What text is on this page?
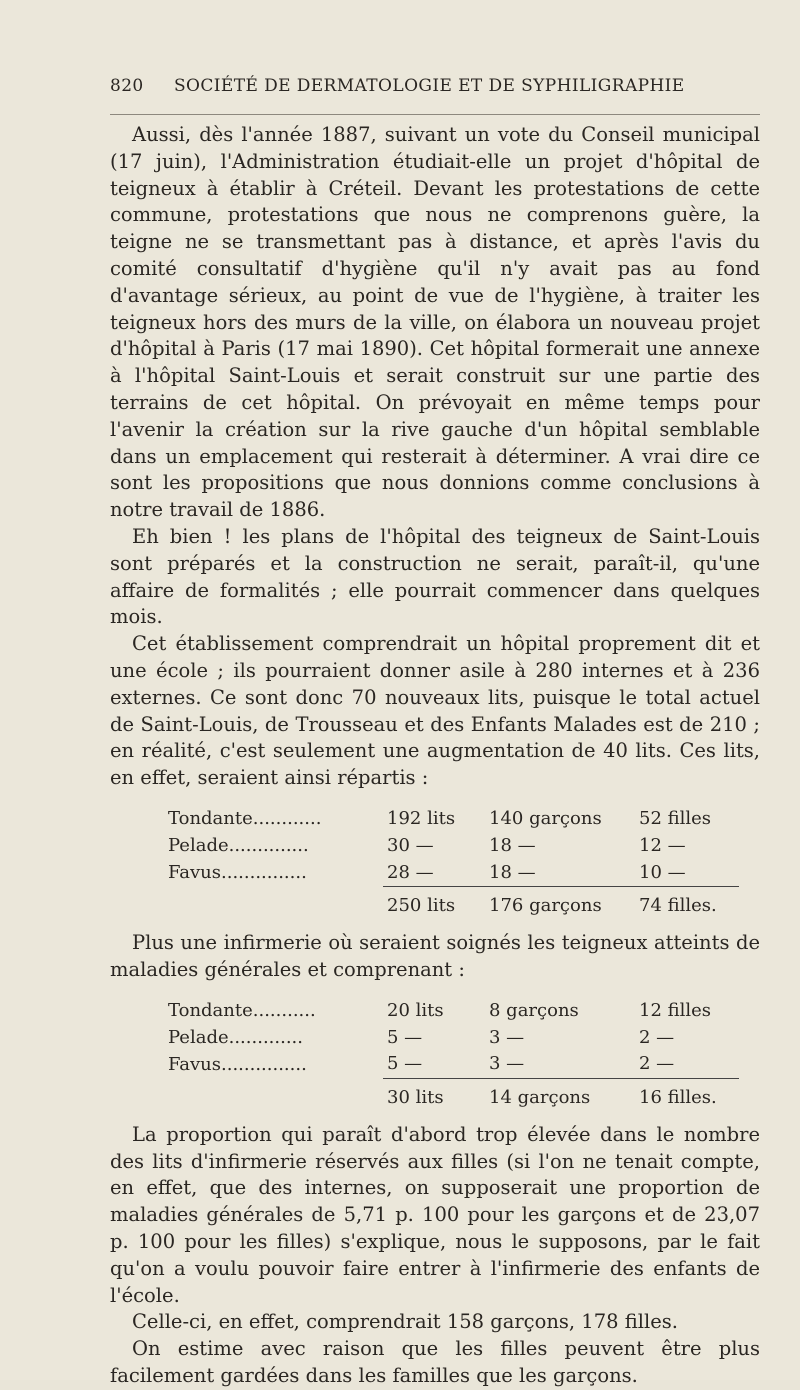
820 SOCIÉTÉ DE DERMATOLOGIE ET DE SYPHILIGRAPHIE

Aussi, dès l'année 1887, suivant un vote du Conseil municipal (17 juin), l'Administration étudiait-elle un projet d'hôpital de teigneux à établir à Créteil. Devant les protestations de cette commune, protestations que nous ne comprenons guère, la teigne ne se transmettant pas à distance, et après l'avis du comité consultatif d'hygiène qu'il n'y avait pas au fond d'avantage sérieux, au point de vue de l'hygiène, à traiter les teigneux hors des murs de la ville, on élabora un nouveau projet d'hôpital à Paris (17 mai 1890). Cet hôpital formerait une annexe à l'hôpital Saint-Louis et serait construit sur une partie des terrains de cet hôpital. On prévoyait en même temps pour l'avenir la création sur la rive gauche d'un hôpital semblable dans un emplacement qui resterait à déterminer. A vrai dire ce sont les propositions que nous donnions comme conclusions à notre travail de 1886.

Eh bien ! les plans de l'hôpital des teigneux de Saint-Louis sont préparés et la construction ne serait, paraît-il, qu'une affaire de formalités ; elle pourrait commencer dans quelques mois.

Cet établissement comprendrait un hôpital proprement dit et une école ; ils pourraient donner asile à 280 internes et à 236 externes. Ce sont donc 70 nouveaux lits, puisque le total actuel de Saint-Louis, de Trousseau et des Enfants Malades est de 210 ; en réalité, c'est seulement une augmentation de 40 lits. Ces lits, en effet, seraient ainsi répartis :

Tondante............	192 lits	140 garçons	52 filles
Pelade..............	30 —	18 —	12 —
Favus...............	28 —	18 —	10 —
	250 lits	176 garçons	74 filles.

Plus une infirmerie où seraient soignés les teigneux atteints de maladies générales et comprenant :

Tondante...........	20 lits	8 garçons	12 filles
Pelade.............	5 —	3 —	2 —
Favus...............	5 —	3 —	2 —
	30 lits	14 garçons	16 filles.

La proportion qui paraît d'abord trop élevée dans le nombre des lits d'infirmerie réservés aux filles (si l'on ne tenait compte, en effet, que des internes, on supposerait une proportion de maladies générales de 5,71 p. 100 pour les garçons et de 23,07 p. 100 pour les filles) s'explique, nous le supposons, par le fait qu'on a voulu pouvoir faire entrer à l'infirmerie des enfants de l'école.

Celle-ci, en effet, comprendrait 158 garçons, 178 filles.

On estime avec raison que les filles peuvent être plus facilement gardées dans les familles que les garçons.
